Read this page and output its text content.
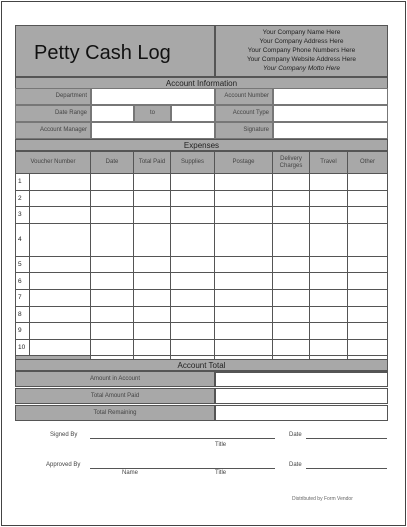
Petty Cash Log
Your Company Name Here
Your Company Address Here
Your Company Phone Numbers Here
Your Company Website Address Here
Your Company Motto Here
Account Information
Department	Account Number
Date Range	to	Account Type
Account Manager	Signature
Expenses
Voucher Number		Date	Total Paid	Supplies	Postage	Delivery Charges	Travel	Other
1								
2								
3								
4								
5								
6								
7								
8								
9								
10								

Account Total
Amount in Account
Total Amount Paid
Total Remaining
Signed By
Title
Date
Approved By
Name	Title
Date
Distributed by Form Vendor
